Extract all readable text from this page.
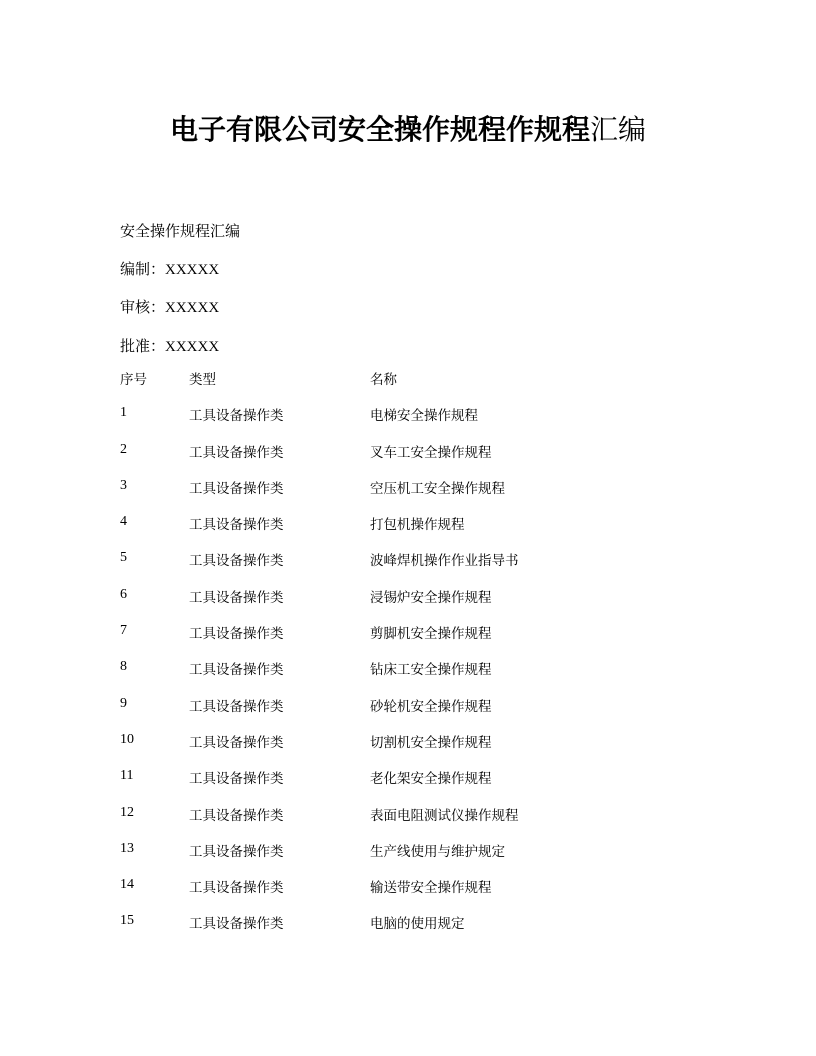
电子有限公司安全操作规程作规程汇编
安全操作规程汇编
编制：XXXXX
审核：XXXXX
批准：XXXXX
序号	类型	名称
1	工具设备操作类	电梯安全操作规程
2	工具设备操作类	叉车工安全操作规程
3	工具设备操作类	空压机工安全操作规程
4	工具设备操作类	打包机操作规程
5	工具设备操作类	波峰焊机操作作业指导书
6	工具设备操作类	浸锡炉安全操作规程
7	工具设备操作类	剪脚机安全操作规程
8	工具设备操作类	钻床工安全操作规程
9	工具设备操作类	砂轮机安全操作规程
10	工具设备操作类	切割机安全操作规程
11	工具设备操作类	老化架安全操作规程
12	工具设备操作类	表面电阻测试仪操作规程
13	工具设备操作类	生产线使用与维护规定
14	工具设备操作类	输送带安全操作规程
15	工具设备操作类	电脑的使用规定
